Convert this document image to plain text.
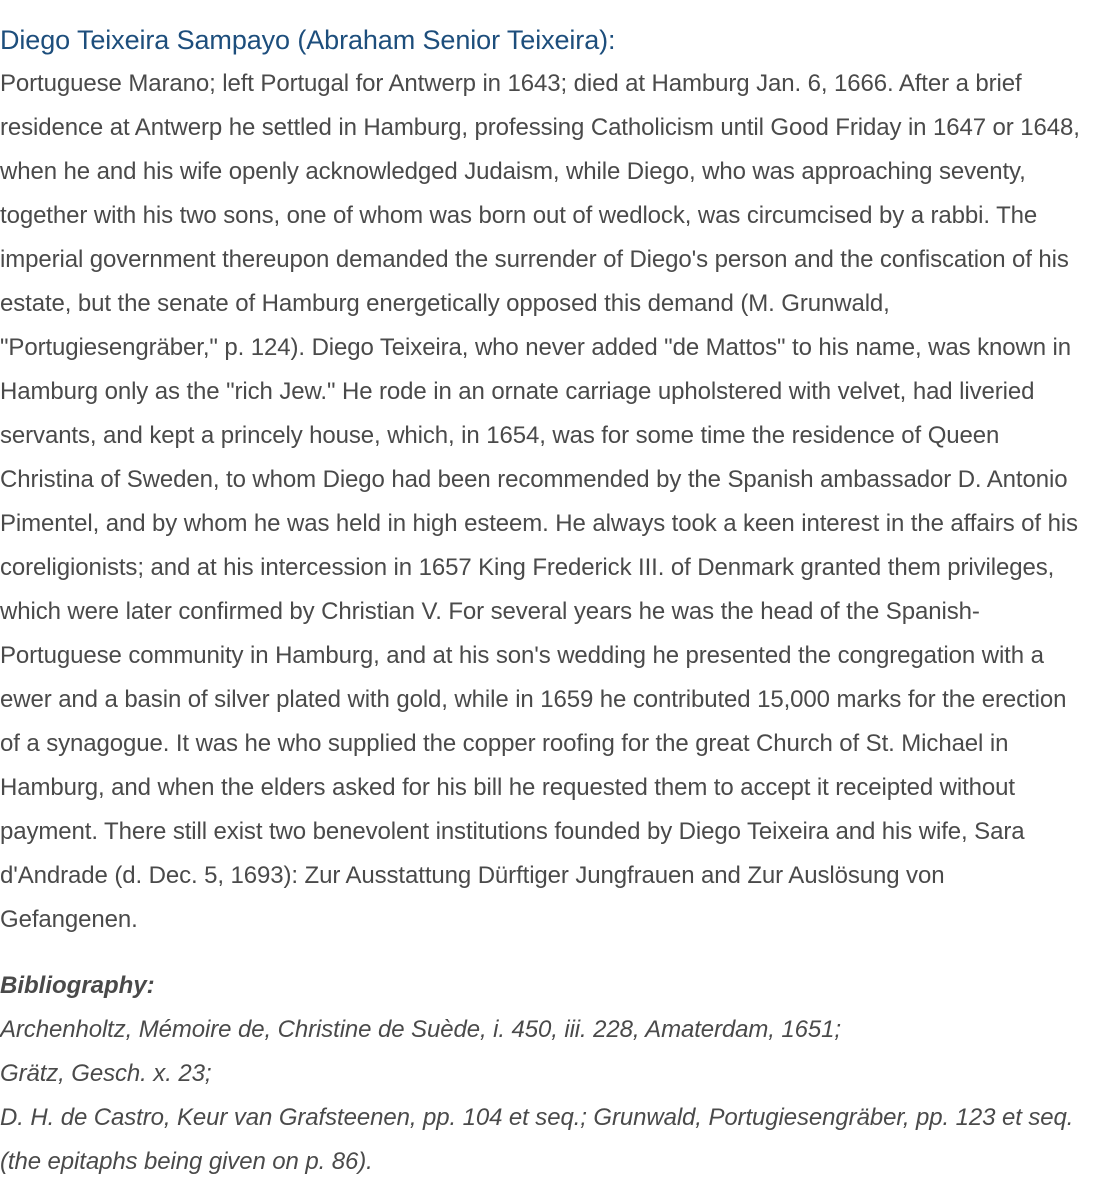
Diego Teixeira Sampayo (Abraham Senior Teixeira):

Portuguese Marano; left Portugal for Antwerp in 1643; died at Hamburg Jan. 6, 1666. After a brief residence at Antwerp he settled in Hamburg, professing Catholicism until Good Friday in 1647 or 1648, when he and his wife openly acknowledged Judaism, while Diego, who was approaching seventy, together with his two sons, one of whom was born out of wedlock, was circumcised by a rabbi. The imperial government thereupon demanded the surrender of Diego's person and the confiscation of his estate, but the senate of Hamburg energetically opposed this demand (M. Grunwald, "Portugiesengräber," p. 124). Diego Teixeira, who never added "de Mattos" to his name, was known in Hamburg only as the "rich Jew." He rode in an ornate carriage upholstered with velvet, had liveried servants, and kept a princely house, which, in 1654, was for some time the residence of Queen Christina of Sweden, to whom Diego had been recommended by the Spanish ambassador D. Antonio Pimentel, and by whom he was held in high esteem. He always took a keen interest in the affairs of his coreligionists; and at his intercession in 1657 King Frederick III. of Denmark granted them privileges, which were later confirmed by Christian V. For several years he was the head of the Spanish-Portuguese community in Hamburg, and at his son's wedding he presented the congregation with a ewer and a basin of silver plated with gold, while in 1659 he contributed 15,000 marks for the erection of a synagogue. It was he who supplied the copper roofing for the great Church of St. Michael in Hamburg, and when the elders asked for his bill he requested them to accept it receipted without payment. There still exist two benevolent institutions founded by Diego Teixeira and his wife, Sara d'Andrade (d. Dec. 5, 1693): Zur Ausstattung Dürftiger Jungfrauen and Zur Auslösung von Gefangenen.

Bibliography:
Archenholtz, Mémoire de, Christine de Suède, i. 450, iii. 228, Amaterdam, 1651;
Grätz, Gesch. x. 23;
D. H. de Castro, Keur van Grafsteenen, pp. 104 et seq.; Grunwald, Portugiesengräber, pp. 123 et seq. (the epitaphs being given on p. 86).
